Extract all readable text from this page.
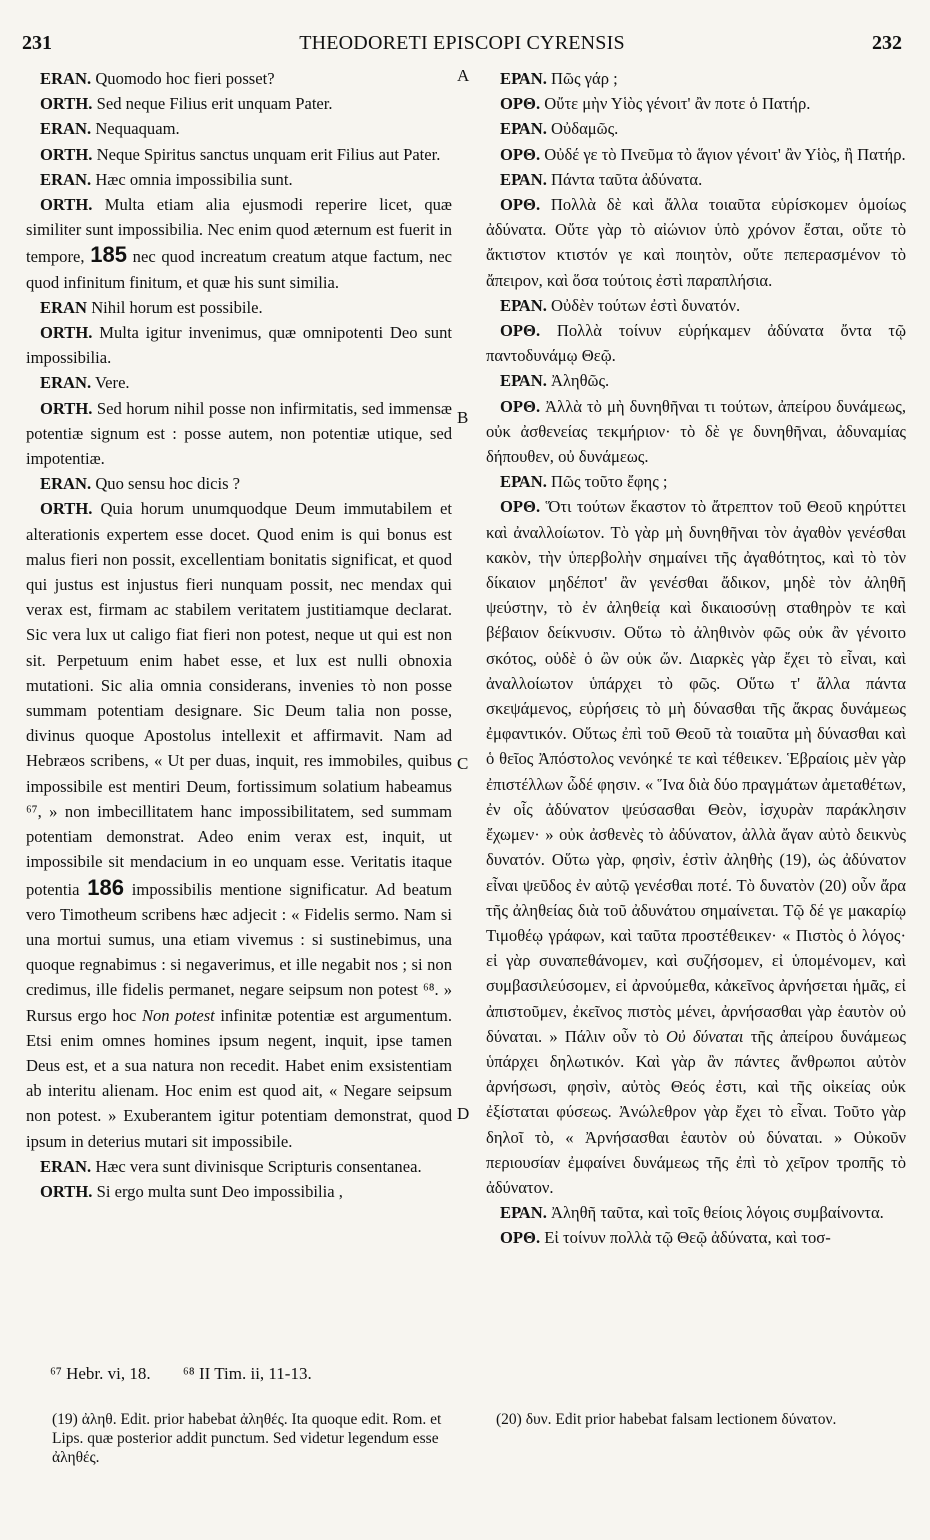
231	THEODORETI EPISCOPI CYRENSIS	232

ERAN. Quomodo hoc fieri posset?

ORTH. Sed neque Filius erit unquam Pater.

ERAN. Nequaquam.

ORTH. Neque Spiritus sanctus unquam erit Filius aut Pater.

ERAN. Hæc omnia impossibilia sunt.

ORTH. Multa etiam alia ejusmodi reperire licet, quæ similiter sunt impossibilia. Nec enim quod æternum est fuerit in tempore, 185 nec quod increatum creatum atque factum, nec quod infinitum finitum, et quæ his sunt similia.

ERAN Nihil horum est possibile.

ORTH. Multa igitur invenimus, quæ omnipotenti Deo sunt impossibilia.

ERAN. Vere.

ORTH. Sed horum nihil posse non infirmitatis, sed immensæ potentiæ signum est : posse autem, non potentiæ utique, sed impotentiæ.

ERAN. Quo sensu hoc dicis ?

ORTH. Quia horum unumquodque Deum immutabilem et alterationis expertem esse docet. Quod enim is qui bonus est malus fieri non possit, excellentiam bonitatis significat, et quod qui justus est injustus fieri nunquam possit, nec mendax qui verax est, firmam ac stabilem veritatem justitiamque declarat. Sic vera lux ut caligo fiat fieri non potest, neque ut qui est non sit. Perpetuum enim habet esse, et lux est nulli obnoxia mutationi. Sic alia omnia considerans, invenies τὸ non posse summam potentiam designare. Sic Deum talia non posse, divinus quoque Apostolus intellexit et affirmavit. Nam ad Hebræos scribens, « Ut per duas, inquit, res immobiles, quibus impossibile est mentiri Deum, fortissimum solatium habeamus ⁶⁷, » non imbecillitatem hanc impossibilitatem, sed summam potentiam demonstrat. Adeo enim verax est, inquit, ut impossibile sit mendacium in eo unquam esse. Veritatis itaque potentia 186 impossibilis mentione significatur. Ad beatum vero Timotheum scribens hæc adjecit : « Fidelis sermo. Nam si una mortui sumus, una etiam vivemus : si sustinebimus, una quoque regnabimus : si negaverimus, et ille negabit nos ; si non credimus, ille fidelis permanet, negare seipsum non potest ⁶⁸. » Rursus ergo hoc Non potest infinitæ potentiæ est argumentum. Etsi enim omnes homines ipsum negent, inquit, ipse tamen Deus est, et a sua natura non recedit. Habet enim exsistentiam ab interitu alienam. Hoc enim est quod ait, « Negare seipsum non potest. » Exuberantem igitur potentiam demonstrat, quod ipsum in deterius mutari sit impossibile.

ERAN. Hæc vera sunt divinisque Scripturis consentanea.

ORTH. Si ergo multa sunt Deo impossibilia ,

ΕΡΑΝ. Πῶς γάρ ;

ΟΡΘ. Οὔτε μὴν Υἱὸς γένοιτ' ἂν ποτε ὁ Πατήρ.

ΕΡΑΝ. Οὐδαμῶς.

ΟΡΘ. Οὐδέ γε τὸ Πνεῦμα τὸ ἅγιον γένοιτ' ἂν Υἱὸς, ἢ Πατήρ.

ΕΡΑΝ. Πάντα ταῦτα ἀδύνατα.

ΟΡΘ. Πολλὰ δὲ καὶ ἄλλα τοιαῦτα εὑρίσκομεν ὁμοίως ἀδύνατα. Οὔτε γὰρ τὸ αἰώνιον ὑπὸ χρόνον ἔσται, οὔτε τὸ ἄκτιστον κτιστόν γε καὶ ποιητὸν, οὔτε πεπερασμένον τὸ ἄπειρον, καὶ ὅσα τούτοις ἐστὶ παραπλήσια.

ΕΡΑΝ. Οὐδὲν τούτων ἐστὶ δυνατόν.

ΟΡΘ. Πολλὰ τοίνυν εὑρήκαμεν ἀδύνατα ὄντα τῷ παντοδυνάμῳ Θεῷ.

ΕΡΑΝ. Ἀληθῶς.

ΟΡΘ. Ἀλλὰ τὸ μὴ δυνηθῆναι τι τούτων, ἀπείρου δυνάμεως, οὐκ ἀσθενείας τεκμήριον· τὸ δὲ γε δυνηθῆναι, ἀδυναμίας δήπουθεν, οὐ δυνάμεως.

ΕΡΑΝ. Πῶς τοῦτο ἔφης ;

ΟΡΘ. Ὅτι τούτων ἕκαστον τὸ ἄτρεπτον τοῦ Θεοῦ κηρύττει καὶ ἀναλλοίωτον. Τὸ γὰρ μὴ δυνηθῆναι τὸν ἀγαθὸν γενέσθαι κακὸν, τὴν ὑπερβολὴν σημαίνει τῆς ἀγαθότητος, καὶ τὸ τὸν δίκαιον μηδέποτ' ἂν γενέσθαι ἄδικον, μηδὲ τὸν ἀληθῆ ψεύστην, τὸ ἐν ἀληθείᾳ καὶ δικαιοσύνῃ σταθηρὸν τε καὶ βέβαιον δείκνυσιν. Οὕτω τὸ ἀληθινὸν φῶς οὐκ ἂν γένοιτο σκότος, οὐδὲ ὁ ὢν οὐκ ὤν. Διαρκὲς γὰρ ἔχει τὸ εἶναι, καὶ ἀναλλοίωτον ὑπάρχει τὸ φῶς. Οὕτω τ' ἄλλα πάντα σκεψάμενος, εὑρήσεις τὸ μὴ δύνασθαι τῆς ἄκρας δυνάμεως ἐμφαντικόν. Οὕτως ἐπὶ τοῦ Θεοῦ τὰ τοιαῦτα μὴ δύνασθαι καὶ ὁ θεῖος Ἀπόστολος νενόηκέ τε καὶ τέθεικεν. Ἑβραίοις μὲν γὰρ ἐπιστέλλων ὧδέ φησιν. « Ἵνα διὰ δύο πραγμάτων ἀμεταθέτων, ἐν οἷς ἀδύνατον ψεύσασθαι Θεὸν, ἰσχυρὰν παράκλησιν ἔχωμεν· » οὐκ ἀσθενὲς τὸ ἀδύνατον, ἀλλὰ ἄγαν αὐτὸ δεικνὺς δυνατόν. Οὕτω γὰρ, φησὶν, ἐστὶν ἀληθὴς (19), ὡς ἀδύνατον εἶναι ψεῦδος ἐν αὐτῷ γενέσθαι ποτέ. Τὸ δυνατὸν (20) οὖν ἄρα τῆς ἀληθείας διὰ τοῦ ἀδυνάτου σημαίνεται. Τῷ δέ γε μακαρίῳ Τιμοθέῳ γράφων, καὶ ταῦτα προστέθεικεν· « Πιστὸς ὁ λόγος· εἰ γὰρ συναπεθάνομεν, καὶ συζήσομεν, εἰ ὑπομένομεν, καὶ συμβασιλεύσομεν, εἰ ἀρνούμεθα, κἀκεῖνος ἀρνήσεται ἡμᾶς, εἰ ἀπιστοῦμεν, ἐκεῖνος πιστὸς μένει, ἀρνήσασθαι γὰρ ἑαυτὸν οὐ δύναται. » Πάλιν οὖν τὸ Οὐ δύναται τῆς ἀπείρου δυνάμεως ὑπάρχει δηλωτικόν. Καὶ γὰρ ἂν πάντες ἄνθρωποι αὐτὸν ἀρνήσωσι, φησὶν, αὐτὸς Θεός ἐστι, καὶ τῆς οἰκείας οὐκ ἐξίσταται φύσεως. Ἀνώλεθρον γὰρ ἔχει τὸ εἶναι. Τοῦτο γὰρ δηλοῖ τὸ, « Ἀρνήσασθαι ἑαυτὸν οὐ δύναται. » Οὐκοῦν περιουσίαν ἐμφαίνει δυνάμεως τῆς ἐπὶ τὸ χεῖρον τροπῆς τὸ ἀδύνατον.

ΕΡΑΝ. Ἀληθῆ ταῦτα, καὶ τοῖς θείοις λόγοις συμβαίνοντα.

ΟΡΘ. Εἰ τοίνυν πολλὰ τῷ Θεῷ ἀδύνατα, καὶ τοσ-

A
B
C
D
⁶⁷ Hebr. vi, 18. ⁶⁸ II Tim. ii, 11-13.

(19) ἀληθ. Edit. prior habebat ἀληθές. Ita quoque edit. Rom. et Lips. quæ posterior addit punctum. Sed videtur legendum esse ἀληθές.

(20) δυν. Edit prior habebat falsam lectionem δύνατον.
